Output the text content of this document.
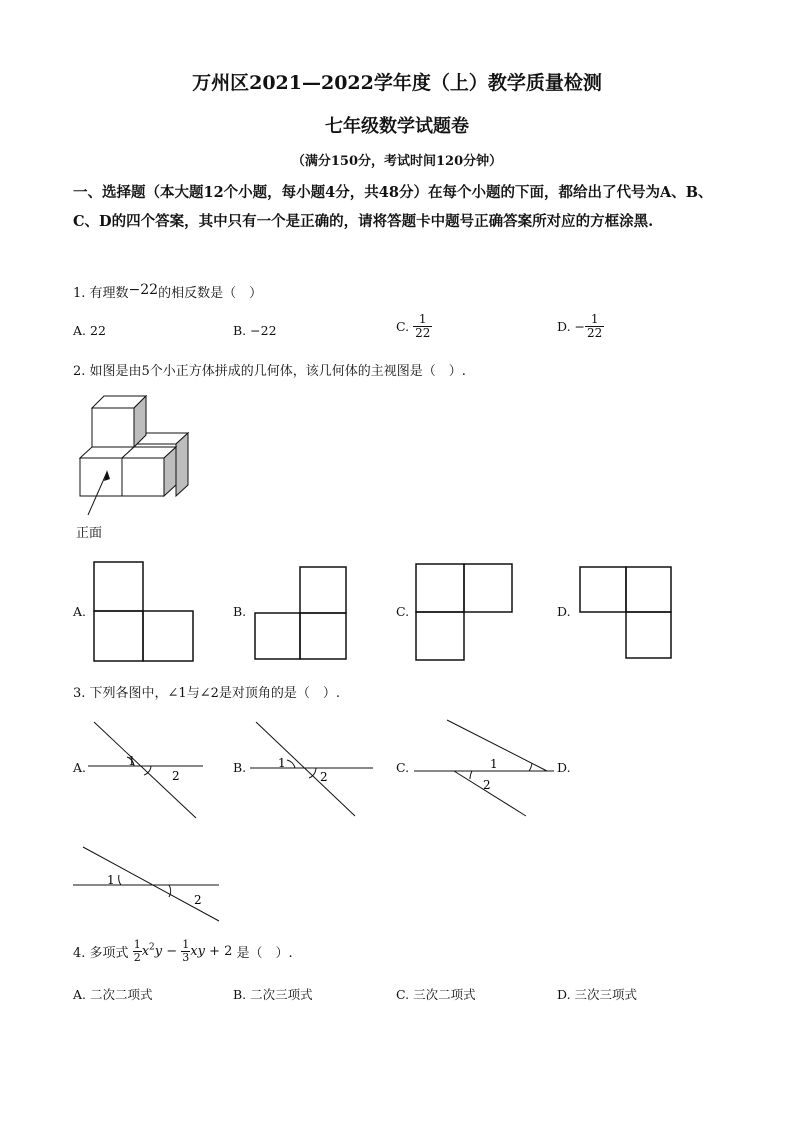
万州区2021—2022学年度（上）教学质量检测
七年级数学试题卷
（满分150分，考试时间120分钟）
一、选择题（本大题12个小题，每小题4分，共48分）在每个小题的下面，都给出了代号为A、B、C、D的四个答案，其中只有一个是正确的，请将答题卡中题号正确答案所对应的方框涂黑.
1. 有理数−22的相反数是（　）
A. 22	B. −22	C. $\frac{1}{22}$	D. − $\frac{1}{22}$
2. 如图是由5个小正方体拼成的几何体，该几何体的主视图是（　）.
正面
A.	B.	C.	D.
3. 下列各图中，∠1与∠2是对顶角的是（　）.
A.	1
2
B.	1
2
C.	1
2
D.
1
2
4. 多项式 $\frac{1}{2} x^2y - \frac{1}{3}$ xy + 2 是（　）.
A. 二次二项式	B. 二次三项式	C. 三次二项式	D. 三次三项式
